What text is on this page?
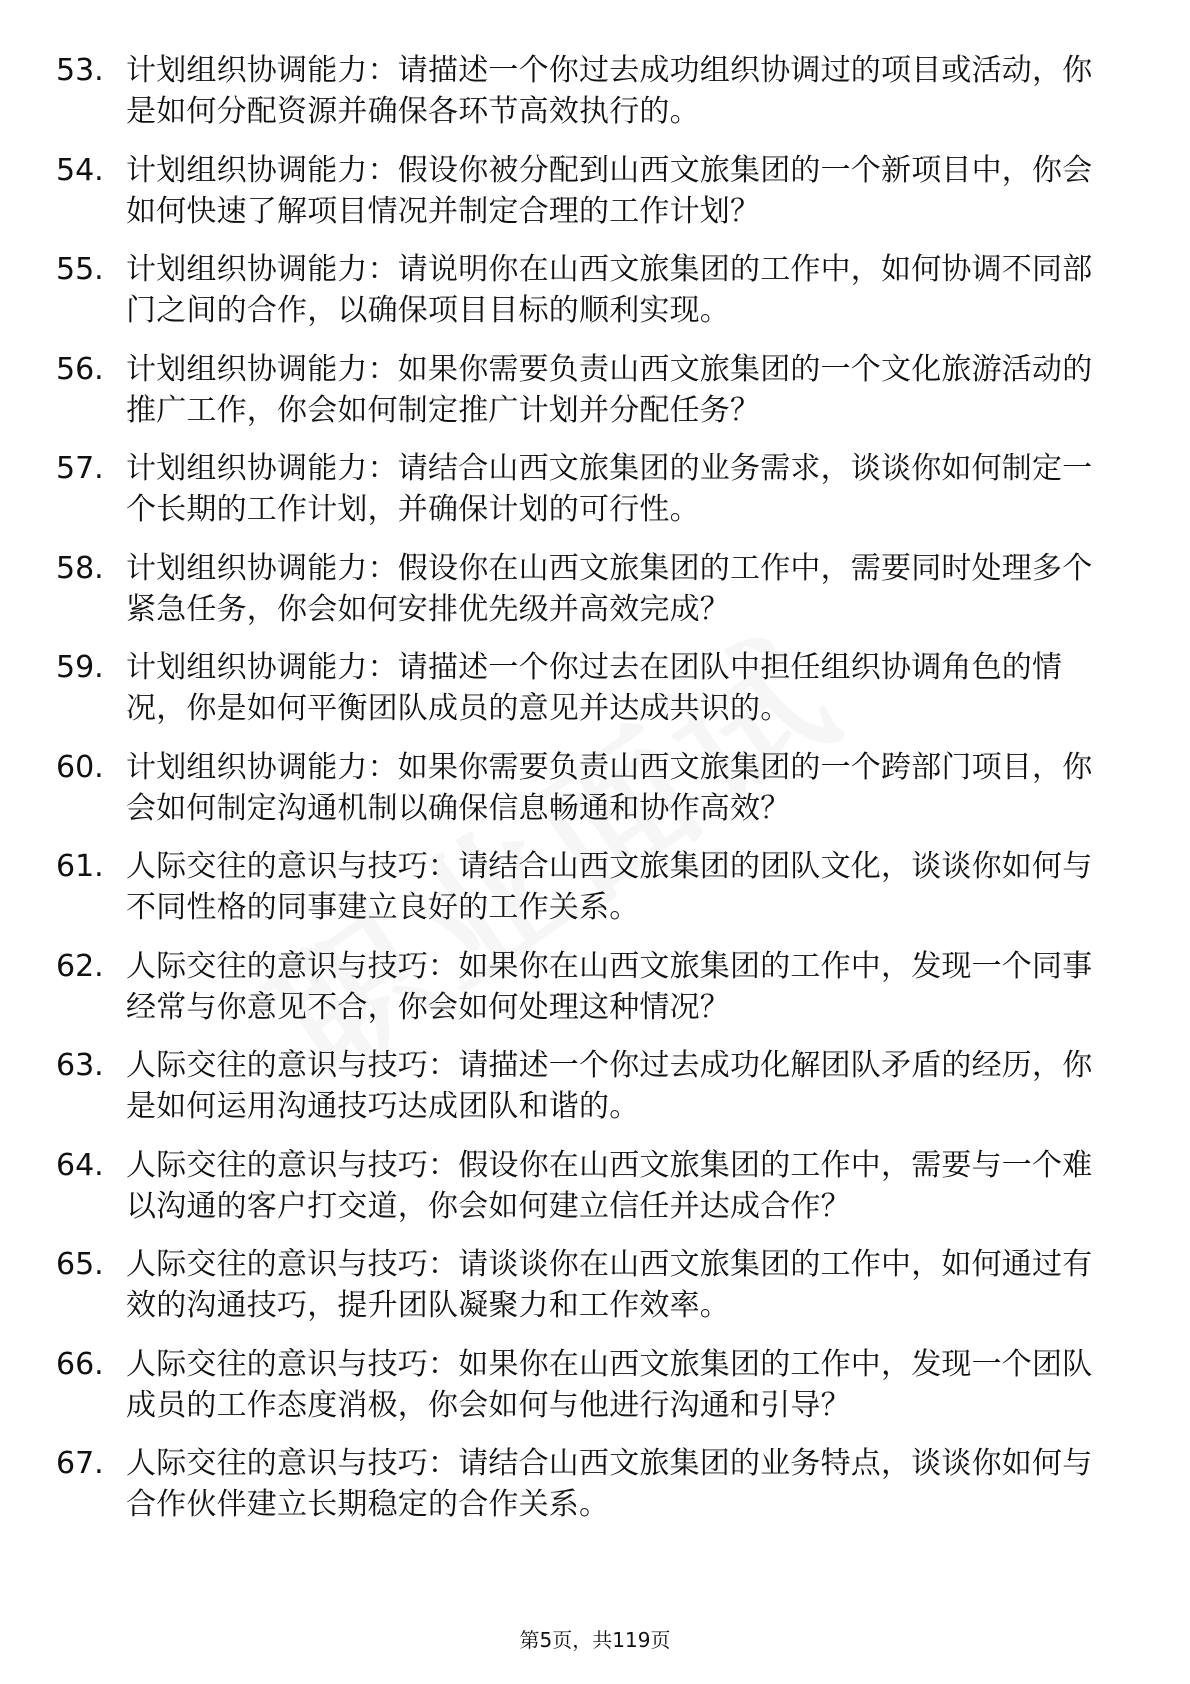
53. 计划组织协调能力：请描述一个你过去成功组织协调过的项目或活动，你是如何分配资源并确保各环节高效执行的。
54. 计划组织协调能力：假设你被分配到山西文旅集团的一个新项目中，你会如何快速了解项目情况并制定合理的工作计划？
55. 计划组织协调能力：请说明你在山西文旅集团的工作中，如何协调不同部门之间的合作，以确保项目目标的顺利实现。
56. 计划组织协调能力：如果你需要负责山西文旅集团的一个文化旅游活动的推广工作，你会如何制定推广计划并分配任务？
57. 计划组织协调能力：请结合山西文旅集团的业务需求，谈谈你如何制定一个长期的工作计划，并确保计划的可行性。
58. 计划组织协调能力：假设你在山西文旅集团的工作中，需要同时处理多个紧急任务，你会如何安排优先级并高效完成？
59. 计划组织协调能力：请描述一个你过去在团队中担任组织协调角色的情况，你是如何平衡团队成员的意见并达成共识的。
60. 计划组织协调能力：如果你需要负责山西文旅集团的一个跨部门项目，你会如何制定沟通机制以确保信息畅通和协作高效？
61. 人际交往的意识与技巧：请结合山西文旅集团的团队文化，谈谈你如何与不同性格的同事建立良好的工作关系。
62. 人际交往的意识与技巧：如果你在山西文旅集团的工作中，发现一个同事经常与你意见不合，你会如何处理这种情况？
63. 人际交往的意识与技巧：请描述一个你过去成功化解团队矛盾的经历，你是如何运用沟通技巧达成团队和谐的。
64. 人际交往的意识与技巧：假设你在山西文旅集团的工作中，需要与一个难以沟通的客户打交道，你会如何建立信任并达成合作？
65. 人际交往的意识与技巧：请谈谈你在山西文旅集团的工作中，如何通过有效的沟通技巧，提升团队凝聚力和工作效率。
66. 人际交往的意识与技巧：如果你在山西文旅集团的工作中，发现一个团队成员的工作态度消极，你会如何与他进行沟通和引导？
67. 人际交往的意识与技巧：请结合山西文旅集团的业务特点，谈谈你如何与合作伙伴建立长期稳定的合作关系。
第5页，共119页
